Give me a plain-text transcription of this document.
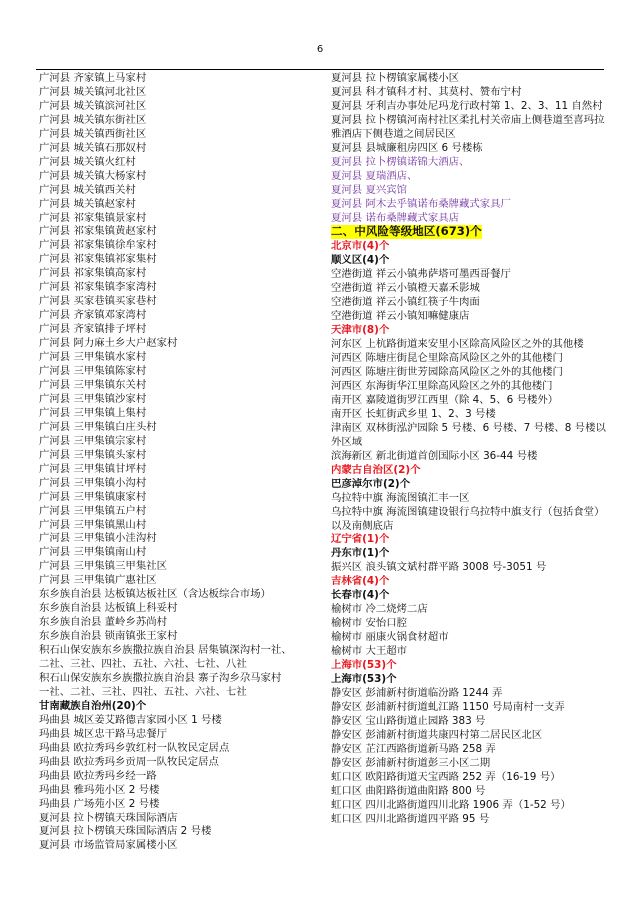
6
广河县 齐家镇上马家村
广河县 城关镇河北社区
广河县 城关镇滨河社区
广河县 城关镇东街社区
广河县 城关镇西街社区
广河县 城关镇石那奴村
广河县 城关镇火红村
广河县 城关镇大杨家村
广河县 城关镇西关村
广河县 城关镇赵家村
广河县 祁家集镇景家村
广河县 祁家集镇黄赵家村
广河县 祁家集镇徐牟家村
广河县 祁家集镇祁家集村
广河县 祁家集镇高家村
广河县 祁家集镇李家湾村
广河县 买家巷镇买家巷村
广河县 齐家镇邓家湾村
广河县 齐家镇排子坪村
广河县 阿力麻土乡大户赵家村
广河县 三甲集镇水家村
广河县 三甲集镇陈家村
广河县 三甲集镇东关村
广河县 三甲集镇沙家村
广河县 三甲集镇上集村
广河县 三甲集镇白庄头村
广河县 三甲集镇宗家村
广河县 三甲集镇头家村
广河县 三甲集镇甘坪村
广河县 三甲集镇小沟村
广河县 三甲集镇康家村
广河县 三甲集镇五户村
广河县 三甲集镇黑山村
广河县 三甲集镇小洼沟村
广河县 三甲集镇南山村
广河县 三甲集镇三甲集社区
广河县 三甲集镇广惠社区
东乡族自治县 达板镇达板社区（含达板综合市场）
东乡族自治县 达板镇上科妥村
东乡族自治县 董岭乡苏尚村
东乡族自治县 锁南镇张王家村
积石山保安族东乡族撒拉族自治县 居集镇深沟村一社、
二社、三社、四社、五社、六社、七社、八社
积石山保安族东乡族撒拉族自治县 寨子沟乡尕马家村
一社、二社、三社、四社、五社、六社、七社
甘南藏族自治州(20)个
玛曲县 城区姜艾路德吉家园小区 1 号楼
玛曲县 城区忠干路马忠餐厅
玛曲县 欧拉秀玛乡敦红村一队牧民定居点
玛曲县 欧拉秀玛乡贡周一队牧民定居点
玛曲县 欧拉秀玛乡经一路
玛曲县 雅玛苑小区 2 号楼
玛曲县 广场苑小区 2 号楼
夏河县 拉卜楞镇天珠国际酒店
夏河县 拉卜楞镇天珠国际酒店 2 号楼
夏河县 市场监管局家属楼小区
夏河县 拉卜楞镇家属楼小区
夏河县 科才镇科才村、其莫村、赞布宁村
夏河县 牙利吉办事处尼玛龙行政村第 1、2、3、11 自然村
夏河县 拉卜楞镇河南村社区柔扎村关帝庙上侧巷道至喜玛拉雅酒店下侧巷道之间居民区
夏河县 县城廉租房四区 6 号楼栋
夏河县 拉卜楞镇诺锦大酒店、
夏河县 夏瑞酒店、
夏河县 夏兴宾馆
夏河县 阿木去乎镇诺布桑牌藏式家具厂
夏河县 诺布桑牌藏式家具店
二、中风险等级地区(673)个
北京市(4)个
顺义区(4)个
空港街道 祥云小镇弗萨塔可墨西哥餐厅
空港街道 祥云小镇橙天嘉禾影城
空港街道 祥云小镇红筷子牛肉面
空港街道 祥云小镇知嘛健康店
天津市(8)个
河东区 上杭路街道来安里小区除高风险区之外的其他楼
河西区 陈塘庄街昆仑里除高风险区之外的其他楼门
河西区 陈塘庄街世芳园除高风险区之外的其他楼门
河西区 东海街华江里除高风险区之外的其他楼门
南开区 嘉陵道街罗江西里（除 4、5、6 号楼外）
南开区 长虹街武乡里 1、2、3 号楼
津南区 双林街泓沪园除 5 号楼、6 号楼、7 号楼、8 号楼以外区域
滨海新区 新北街道首创国际小区 36-44 号楼
内蒙古自治区(2)个
巴彦淖尔市(2)个
乌拉特中旗 海流图镇汇丰一区
乌拉特中旗 海流图镇建设银行乌拉特中旗支行（包括食堂）以及南侧底店
辽宁省(1)个
丹东市(1)个
振兴区 浪头镇文斌村群平路 3008 号-3051 号
吉林省(4)个
长春市(4)个
榆树市 冷二烧烤二店
榆树市 安怡口腔
榆树市 丽康火锅食材超市
榆树市 大王超市
上海市(53)个
上海市(53)个
静安区 彭浦新村街道临汾路 1244 弄
静安区 彭浦新村街道虬江路 1150 号局南村一支弄
静安区 宝山路街道止园路 383 号
静安区 彭浦新村街道共康四村第二居民区北区
静安区 芷江西路街道新马路 258 弄
静安区 彭浦新村街道彭三小区二期
虹口区 欧阳路街道天宝西路 252 弄（16-19 号）
虹口区 曲阳路街道曲阳路 800 号
虹口区 四川北路街道四川北路 1906 弄（1-52 号）
虹口区 四川北路街道四平路 95 号
